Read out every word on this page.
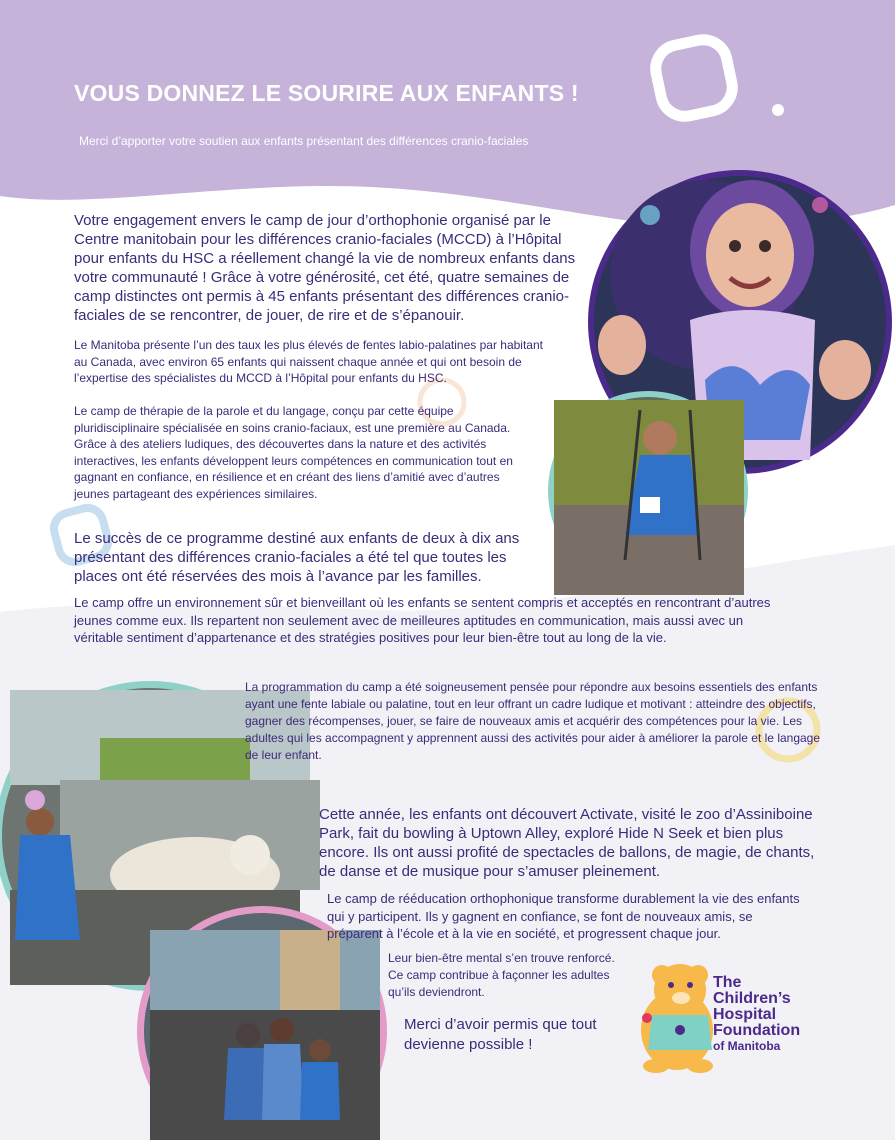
VOUS DONNEZ LE SOURIRE AUX ENFANTS !
Merci d’apporter votre soutien aux enfants présentant des différences cranio-faciales
Votre engagement envers le camp de jour d’orthophonie organisé par le Centre manitobain pour les différences cranio-faciales (MCCD) à l’Hôpital pour enfants du HSC a réellement changé la vie de nombreux enfants dans votre communauté ! Grâce à votre générosité, cet été, quatre semaines de camp distinctes ont permis à 45 enfants présentant des différences cranio-faciales de se rencontrer, de jouer, de rire et de s’épanouir.
Le Manitoba présente l’un des taux les plus élevés de fentes labio-palatines par habitant au Canada, avec environ 65 enfants qui naissent chaque année et qui ont besoin de l’expertise des spécialistes du MCCD à l’Hôpital pour enfants du HSC.
Le camp de thérapie de la parole et du langage, conçu par cette équipe pluridisciplinaire spécialisée en soins cranio-faciaux, est une première au Canada. Grâce à des ateliers ludiques, des découvertes dans la nature et des activités interactives, les enfants développent leurs compétences en communication tout en gagnant en confiance, en résilience et en créant des liens d’amitié avec d’autres jeunes partageant des expériences similaires.
Le succès de ce programme destiné aux enfants de deux à dix ans présentant des différences cranio-faciales a été tel que toutes les places ont été réservées des mois à l’avance par les familles.
Le camp offre un environnement sûr et bienveillant où les enfants se sentent compris et acceptés en rencontrant d’autres jeunes comme eux. Ils repartent non seulement avec de meilleures aptitudes en communication, mais aussi avec un véritable sentiment d’appartenance et des stratégies positives pour leur bien-être tout au long de la vie.
La programmation du camp a été soigneusement pensée pour répondre aux besoins essentiels des enfants ayant une fente labiale ou palatine, tout en leur offrant un cadre ludique et motivant : atteindre des objectifs, gagner des récompenses, jouer, se faire de nouveaux amis et acquérir des compétences pour la vie. Les adultes qui les accompagnent y apprennent aussi des activités pour aider à améliorer la parole et le langage de leur enfant.
Cette année, les enfants ont découvert Activate, visité le zoo d’Assiniboine Park, fait du bowling à Uptown Alley, exploré Hide N Seek et bien plus encore. Ils ont aussi profité de spectacles de ballons, de magie, de chants, de danse et de musique pour s’amuser pleinement.
Le camp de rééducation orthophonique transforme durablement la vie des enfants qui y participent. Ils y gagnent en confiance, se font de nouveaux amis, se préparent à l’école et à la vie en société, et progressent chaque jour.
Leur bien-être mental s’en trouve renforcé. Ce camp contribue à façonner les adultes qu’ils deviendront.
Merci d’avoir permis que tout devienne possible !
The
Children’s
Hospital
Foundation
of Manitoba
